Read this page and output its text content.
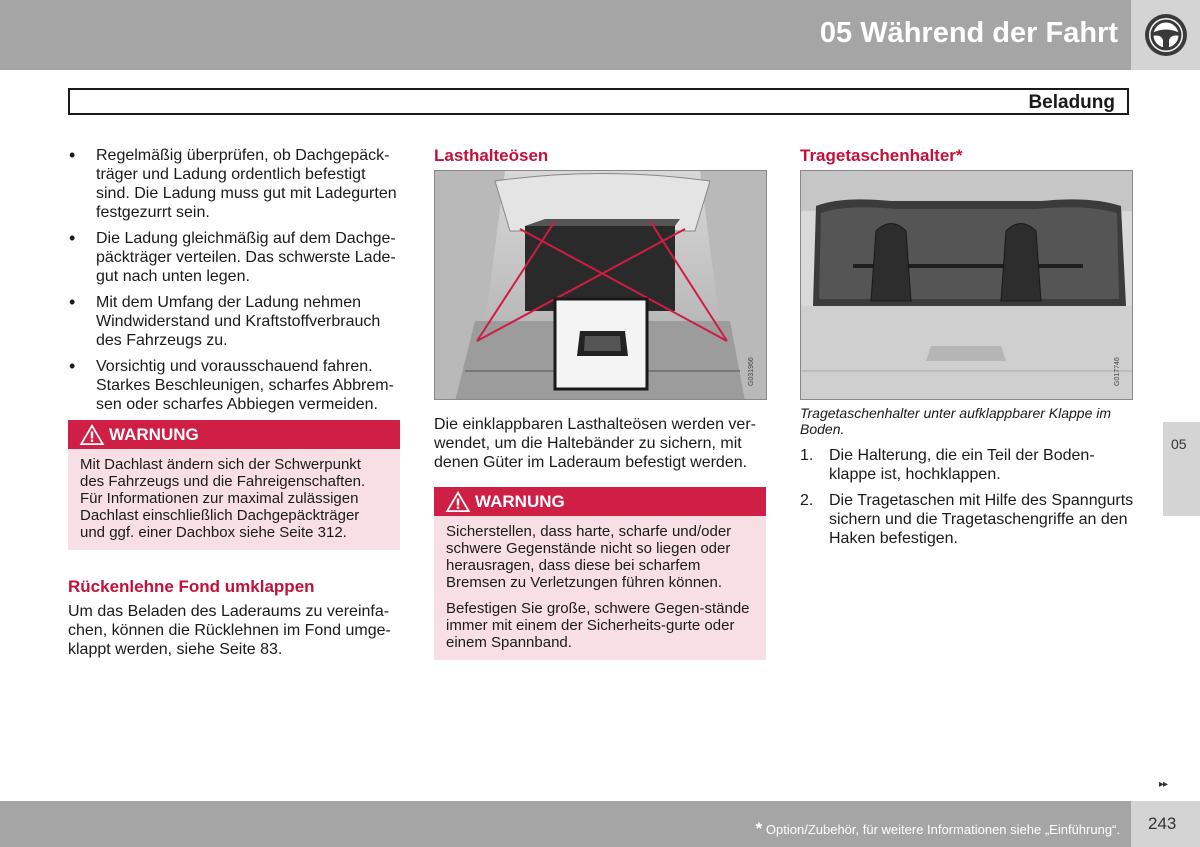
05 Während der Fahrt
Beladung
• Regelmäßig überprüfen, ob Dachgepäck-träger und Ladung ordentlich befestigt sind. Die Ladung muss gut mit Ladegurten festgezurrt sein.
• Die Ladung gleichmäßig auf dem Dachge-päckträger verteilen. Das schwerste Lade-gut nach unten legen.
• Mit dem Umfang der Ladung nehmen Windwiderstand und Kraftstoffverbrauch des Fahrzeugs zu.
• Vorsichtig und vorausschauend fahren. Starkes Beschleunigen, scharfes Abbrem-sen oder scharfes Abbiegen vermeiden.
WARNUNG

Mit Dachlast ändern sich der Schwerpunkt des Fahrzeugs und die Fahreigenschaften. Für Informationen zur maximal zulässigen Dachlast einschließlich Dachgepäckträger und ggf. einer Dachbox siehe Seite 312.

Rückenlehne Fond umklappen
Um das Beladen des Laderaums zu vereinfa-chen, können die Rücklehnen im Fond umge-klappt werden, siehe Seite 83.
Lasthalteösen
G031966
Die einklappbaren Lasthalteösen werden ver-wendet, um die Haltebänder zu sichern, mit denen Güter im Laderaum befestigt werden.
WARNUNG

Sicherstellen, dass harte, scharfe und/oder schwere Gegenstände nicht so liegen oder herausragen, dass diese bei scharfem Bremsen zu Verletzungen führen können.

Befestigen Sie große, schwere Gegen-stände immer mit einem der Sicherheits-gurte oder einem Spannband.

Tragetaschenhalter*
G017746
Tragetaschenhalter unter aufklappbarer Klappe im Boden.
1. Die Halterung, die ein Teil der Boden-klappe ist, hochklappen.
2. Die Tragetaschen mit Hilfe des Spanngurts sichern und die Tragetaschengriffe an den Haken befestigen.
05
▸▸
* Option/Zubehör, für weitere Informationen siehe „Einführung“. 243
